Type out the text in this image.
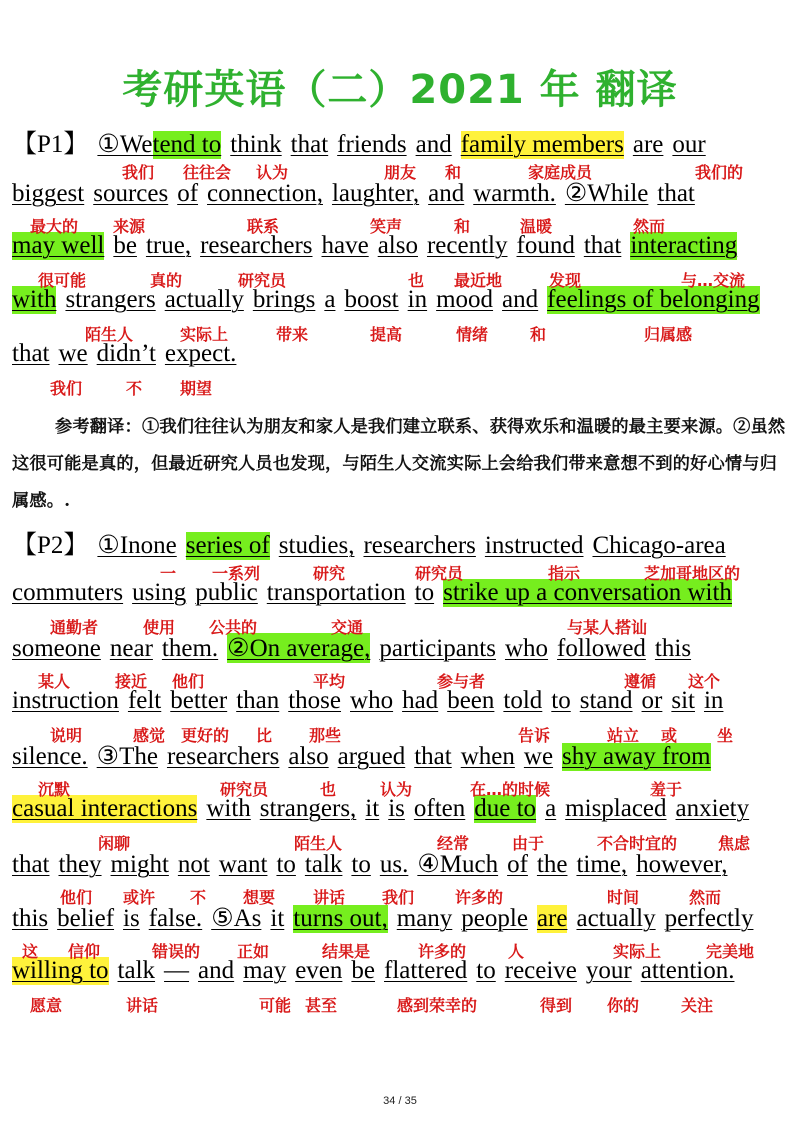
考研英语（二）2021 年 翻译
【P1】 ①Wetend to think that friends and family members are our
biggest sources of connection, laughter, and warmth. ②While that
may well be true, researchers have also recently found that interacting
with strangers actually brings a boost in mood and feelings of belonging
that we didn’t expect.
【P2】 ①Inone series of studies, researchers instructed Chicago-area
commuters using public transportation to strike up a conversation with
someone near them. ②On average, participants who followed this
instruction felt better than those who had been told to stand or sit in
silence. ③The researchers also argued that when we shy away from
casual interactions with strangers, it is often due to a misplaced anxiety
that they might not want to talk to us. ④Much of the time, however,
this belief is false. ⑤As it turns out, many people are actually perfectly
willing to talk — and may even be flattered to receive your attention.
我们 往往会 认为	朋友 和	家庭成员	我们的
最大的 来源	联系	笑声	和	温暖	然而
很可能	真的	研究员	也 最近地	发现	与…交流
陌生人	实际上	带来	提高	情绪	和	归属感
我们	不 期望
一 一系列	研究	研究员	指示	芝加哥地区的
通勤者	使用 公共的	交通	与某人搭讪
某人	接近 他们	平均	参与者	遵循 这个
说明	感觉 更好的 比 那些	告诉	站立 或 坐
沉默	研究员	也	认为	在…的时候	羞于
闲聊	陌生人	经常	由于	不合时宜的	焦虑
他们 或许 不 想要 讲话 我们	许多的	时间	然而
这 信仰	错误的 正如	结果是	许多的	人	实际上	完美地
愿意	讲话	可能 甚至	感到荣幸的	得到 你的	关注
参考翻译：①我们往往认为朋友和家人是我们建立联系、获得欢乐和温暖的最主要来源。②虽然这很可能是真的，但最近研究人员也发现，与陌生人交流实际上会给我们带来意想不到的好心情与归属感。.
34 / 35
